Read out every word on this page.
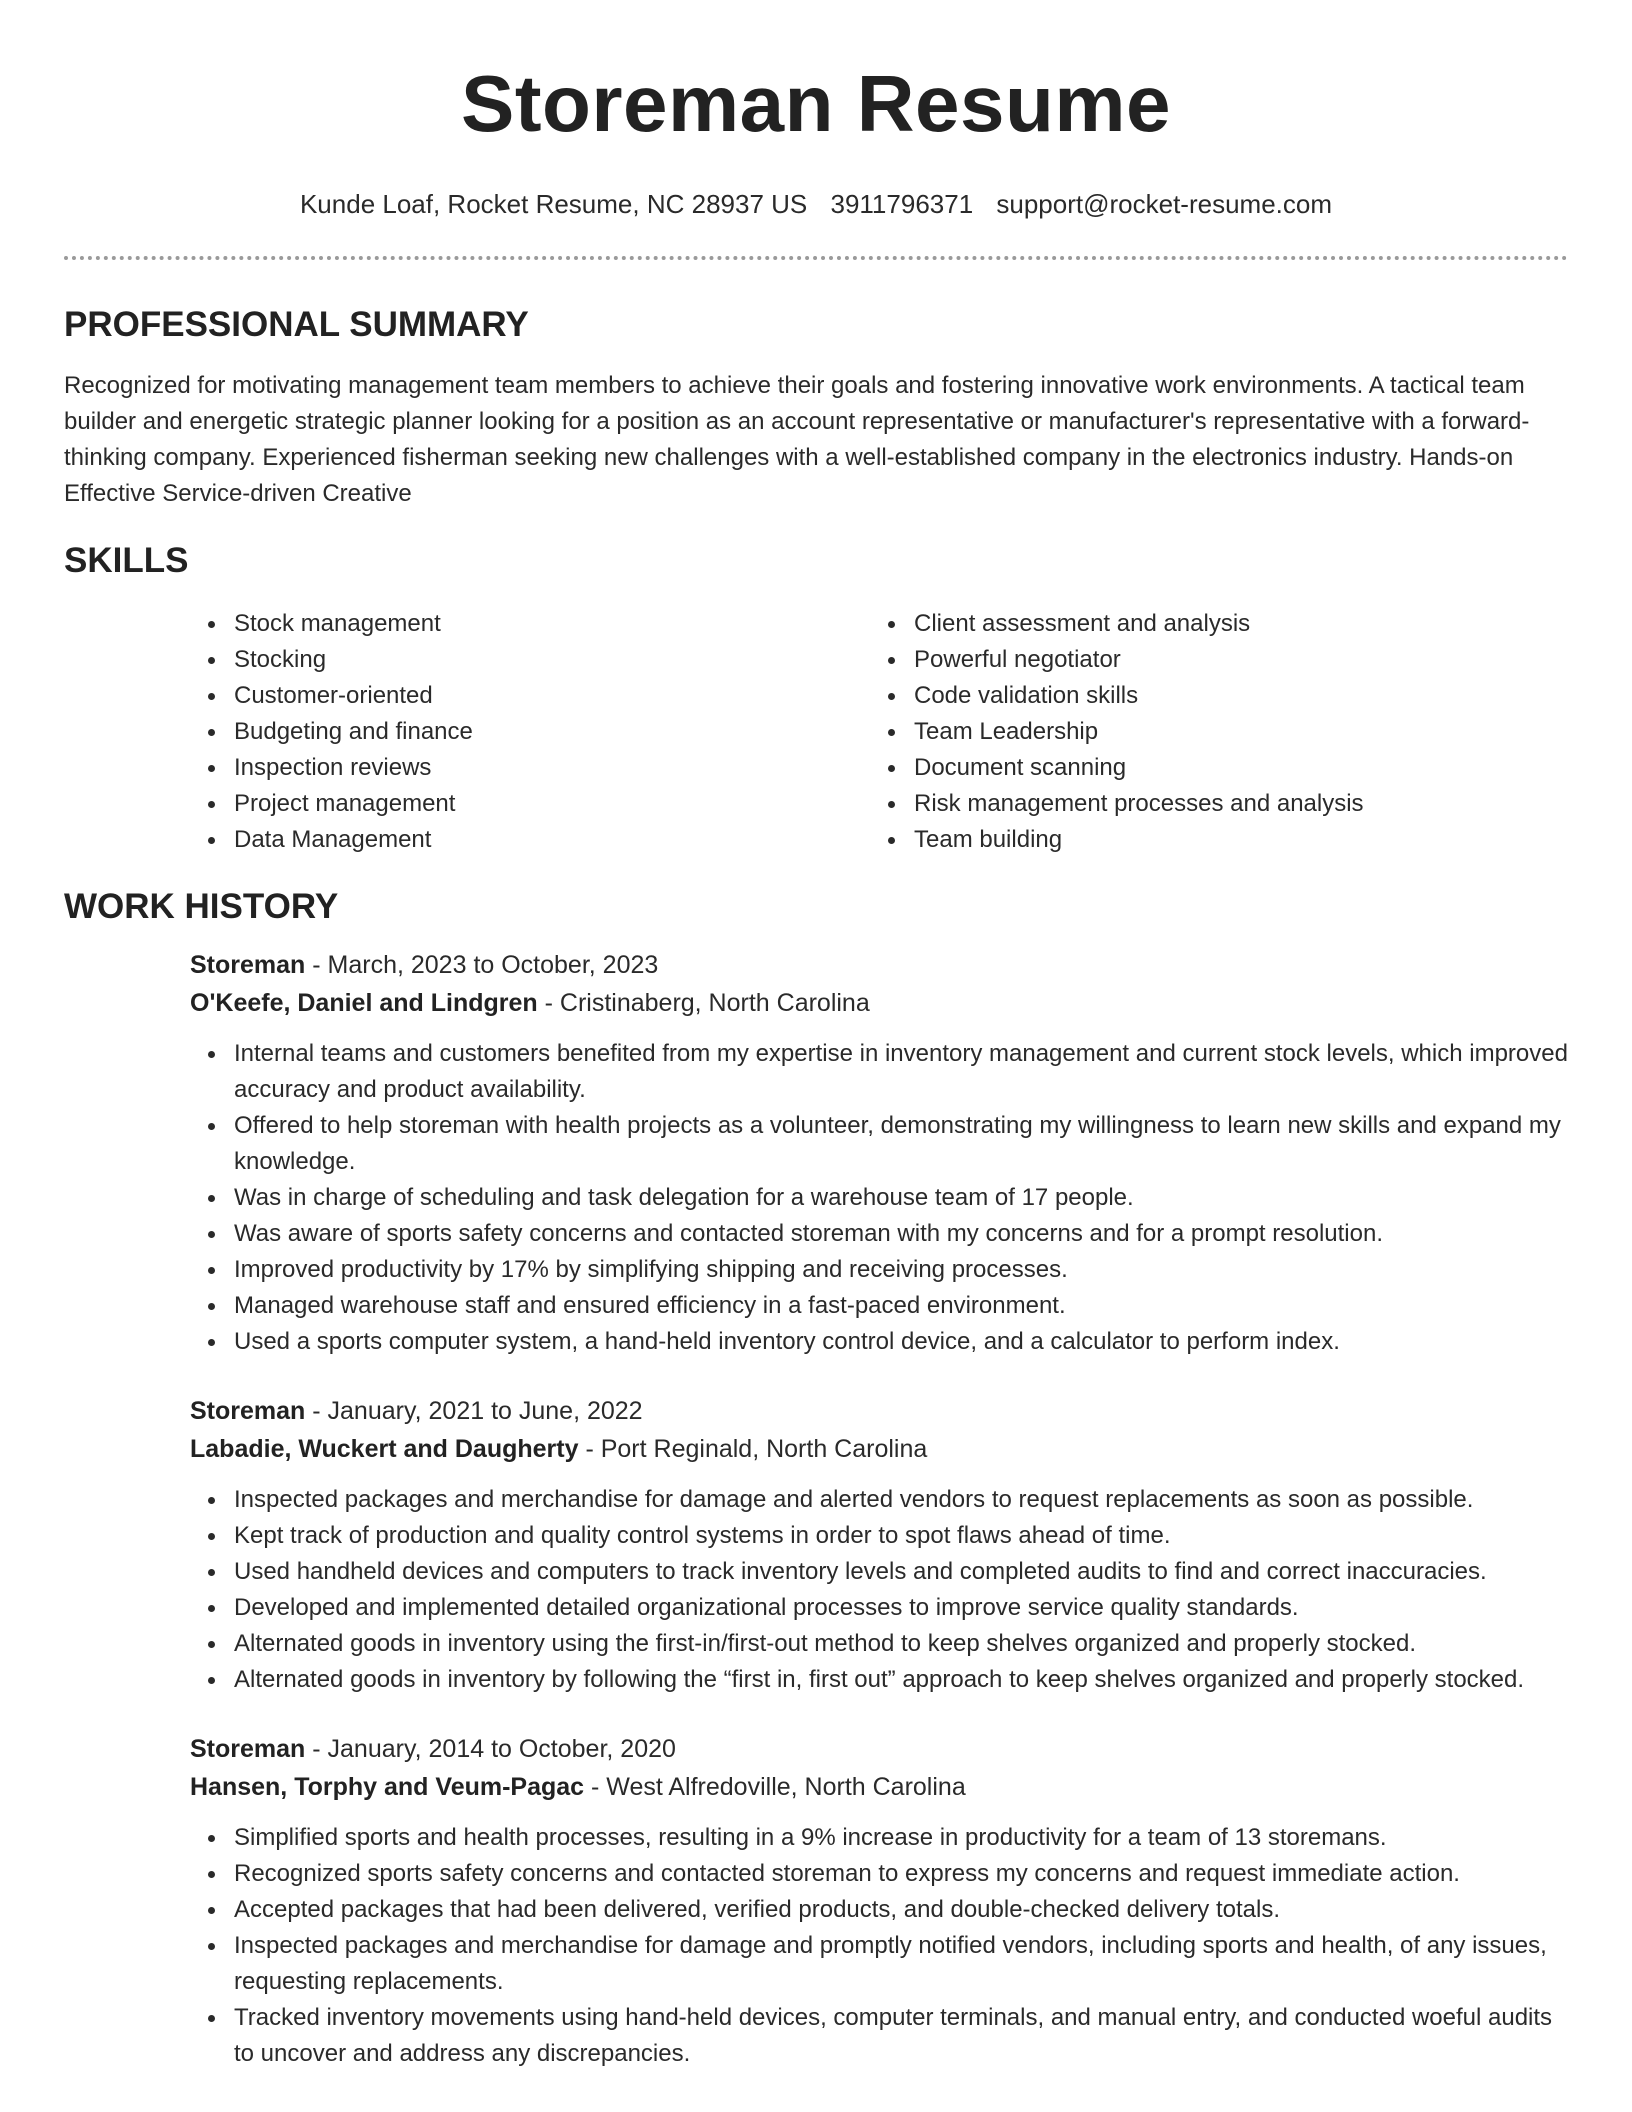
Storeman Resume
Kunde Loaf, Rocket Resume, NC 28937 US 3911796371 support@rocket-resume.com
PROFESSIONAL SUMMARY

Recognized for motivating management team members to achieve their goals and fostering innovative work environments. A tactical team builder and energetic strategic planner looking for a position as an account representative or manufacturer's representative with a forward-thinking company. Experienced fisherman seeking new challenges with a well-established company in the electronics industry. Hands-on Effective Service-driven Creative

SKILLS
Stock management
Stocking
Customer-oriented
Budgeting and finance
Inspection reviews
Project management
Data Management
Client assessment and analysis
Powerful negotiator
Code validation skills
Team Leadership
Document scanning
Risk management processes and analysis
Team building
WORK HISTORY
Storeman - March, 2023 to October, 2023
O'Keefe, Daniel and Lindgren - Cristinaberg, North Carolina
Internal teams and customers benefited from my expertise in inventory management and current stock levels, which improved accuracy and product availability.
Offered to help storeman with health projects as a volunteer, demonstrating my willingness to learn new skills and expand my knowledge.
Was in charge of scheduling and task delegation for a warehouse team of 17 people.
Was aware of sports safety concerns and contacted storeman with my concerns and for a prompt resolution.
Improved productivity by 17% by simplifying shipping and receiving processes.
Managed warehouse staff and ensured efficiency in a fast-paced environment.
Used a sports computer system, a hand-held inventory control device, and a calculator to perform index.
Storeman - January, 2021 to June, 2022
Labadie, Wuckert and Daugherty - Port Reginald, North Carolina
Inspected packages and merchandise for damage and alerted vendors to request replacements as soon as possible.
Kept track of production and quality control systems in order to spot flaws ahead of time.
Used handheld devices and computers to track inventory levels and completed audits to find and correct inaccuracies.
Developed and implemented detailed organizational processes to improve service quality standards.
Alternated goods in inventory using the first-in/first-out method to keep shelves organized and properly stocked.
Alternated goods in inventory by following the “first in, first out” approach to keep shelves organized and properly stocked.
Storeman - January, 2014 to October, 2020
Hansen, Torphy and Veum-Pagac - West Alfredoville, North Carolina
Simplified sports and health processes, resulting in a 9% increase in productivity for a team of 13 storemans.
Recognized sports safety concerns and contacted storeman to express my concerns and request immediate action.
Accepted packages that had been delivered, verified products, and double-checked delivery totals.
Inspected packages and merchandise for damage and promptly notified vendors, including sports and health, of any issues, requesting replacements.
Tracked inventory movements using hand-held devices, computer terminals, and manual entry, and conducted woeful audits to uncover and address any discrepancies.
